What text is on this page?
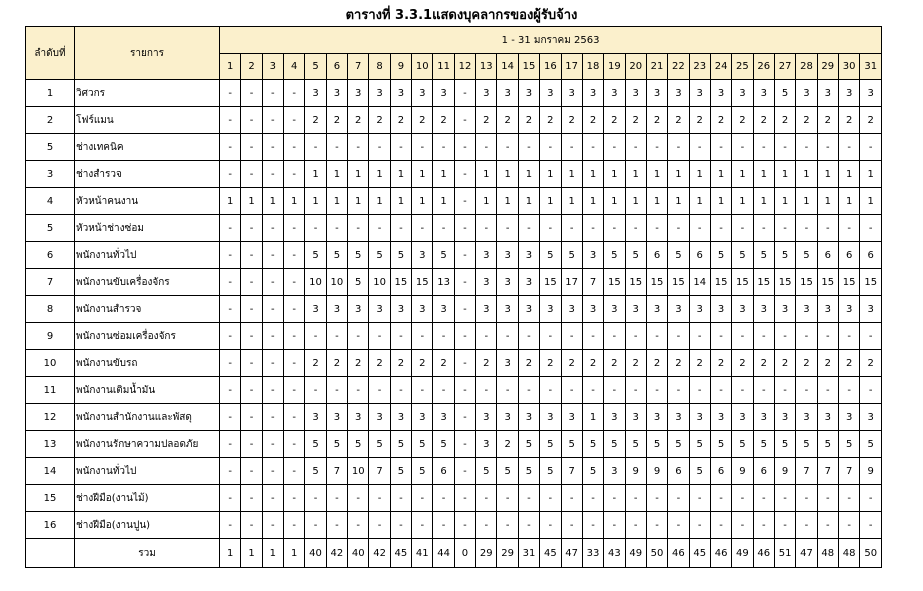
ตารางที่ 3.3.1แสดงบุคลากรของผู้รับจ้าง
ลำดับที่	รายการ	1 - 31 มกราคม 2563																														
		1	2	3	4	5	6	7	8	9	10	11	12	13	14	15	16	17	18	19	20	21	22	23	24	25	26	27	28	29	30	31
1	วิศวกร	-	-	-	-	3	3	3	3	3	3	3	-	3	3	3	3	3	3	3	3	3	3	3	3	3	3	5	3	3	3	3
2	โฟร์แมน	-	-	-	-	2	2	2	2	2	2	2	-	2	2	2	2	2	2	2	2	2	2	2	2	2	2	2	2	2	2	2
5	ช่างเทคนิค	-	-	-	-	-	-	-	-	-	-	-	-	-	-	-	-	-	-	-	-	-	-	-	-	-	-	-	-	-	-	-
3	ช่างสำรวจ	-	-	-	-	1	1	1	1	1	1	1	-	1	1	1	1	1	1	1	1	1	1	1	1	1	1	1	1	1	1	1
4	หัวหน้าคนงาน	1	1	1	1	1	1	1	1	1	1	1	-	1	1	1	1	1	1	1	1	1	1	1	1	1	1	1	1	1	1	1
5	หัวหน้าช่างซ่อม	-	-	-	-	-	-	-	-	-	-	-	-	-	-	-	-	-	-	-	-	-	-	-	-	-	-	-	-	-	-	-
6	พนักงานทั่วไป	-	-	-	-	5	5	5	5	5	3	5	-	3	3	3	5	5	3	5	5	6	5	6	5	5	5	5	5	6	6	6
7	พนักงานขับเครื่องจักร	-	-	-	-	10	10	5	10	15	15	13	-	3	3	3	15	17	7	15	15	15	15	14	15	15	15	15	15	15	15	15
8	พนักงานสำรวจ	-	-	-	-	3	3	3	3	3	3	3	-	3	3	3	3	3	3	3	3	3	3	3	3	3	3	3	3	3	3	3
9	พนักงานซ่อมเครื่องจักร	-	-	-	-	-	-	-	-	-	-	-	-	-	-	-	-	-	-	-	-	-	-	-	-	-	-	-	-	-	-	-
10	พนักงานขับรถ	-	-	-	-	2	2	2	2	2	2	2	-	2	3	2	2	2	2	2	2	2	2	2	2	2	2	2	2	2	2	2
11	พนักงานเติมน้ำมัน	-	-	-	-	-	-	-	-	-	-	-	-	-	-	-	-	-	-	-	-	-	-	-	-	-	-	-	-	-	-	-
12	พนักงานสำนักงานและพัสดุ	-	-	-	-	3	3	3	3	3	3	3	-	3	3	3	3	3	1	3	3	3	3	3	3	3	3	3	3	3	3	3
13	พนักงานรักษาความปลอดภัย	-	-	-	-	5	5	5	5	5	5	5	-	3	2	5	5	5	5	5	5	5	5	5	5	5	5	5	5	5	5	5
14	พนักงานทั่วไป	-	-	-	-	5	7	10	7	5	5	6	-	5	5	5	5	7	5	3	9	9	6	5	6	9	6	9	7	7	7	9
15	ช่างฝีมือ(งานไม้)	-	-	-	-	-	-	-	-	-	-	-	-	-	-	-	-	-	-	-	-	-	-	-	-	-	-	-	-	-	-	-
16	ช่างฝีมือ(งานปูน)	-	-	-	-	-	-	-	-	-	-	-	-	-	-	-	-	-	-	-	-	-	-	-	-	-	-	-	-	-	-	-
	รวม	1	1	1	1	40	42	40	42	45	41	44	0	29	29	31	45	47	33	43	49	50	46	45	46	49	46	51	47	48	48	50
